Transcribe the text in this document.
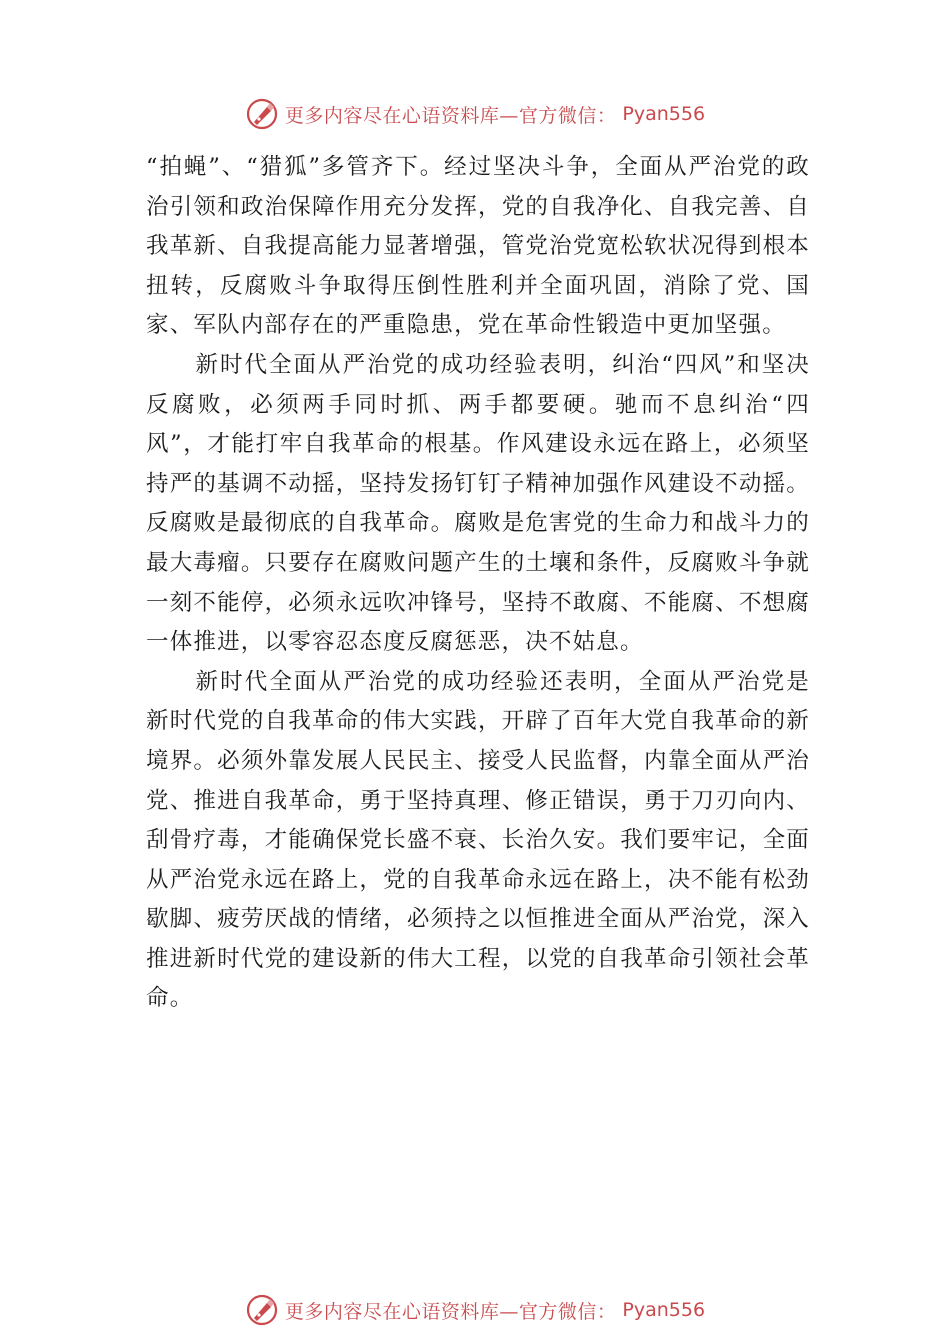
更多内容尽在心语资料库—官方微信： Pyan556

“拍蝇”、“猎狐”多管齐下。经过坚决斗争，全面从严治党的政治引领和政治保障作用充分发挥，党的自我净化、自我完善、自我革新、自我提高能力显著增强，管党治党宽松软状况得到根本扭转，反腐败斗争取得压倒性胜利并全面巩固，消除了党、国家、军队内部存在的严重隐患，党在革命性锻造中更加坚强。

新时代全面从严治党的成功经验表明，纠治“四风”和坚决反腐败，必须两手同时抓、两手都要硬。驰而不息纠治“四风”，才能打牢自我革命的根基。作风建设永远在路上，必须坚持严的基调不动摇，坚持发扬钉钉子精神加强作风建设不动摇。反腐败是最彻底的自我革命。腐败是危害党的生命力和战斗力的最大毒瘤。只要存在腐败问题产生的土壤和条件，反腐败斗争就一刻不能停，必须永远吹冲锋号，坚持不敢腐、不能腐、不想腐一体推进，以零容忍态度反腐惩恶，决不姑息。

新时代全面从严治党的成功经验还表明，全面从严治党是新时代党的自我革命的伟大实践，开辟了百年大党自我革命的新境界。必须外靠发展人民民主、接受人民监督，内靠全面从严治党、推进自我革命，勇于坚持真理、修正错误，勇于刀刃向内、刮骨疗毒，才能确保党长盛不衰、长治久安。我们要牢记，全面从严治党永远在路上，党的自我革命永远在路上，决不能有松劲歇脚、疲劳厌战的情绪，必须持之以恒推进全面从严治党，深入推进新时代党的建设新的伟大工程，以党的自我革命引领社会革命。

更多内容尽在心语资料库—官方微信： Pyan556
